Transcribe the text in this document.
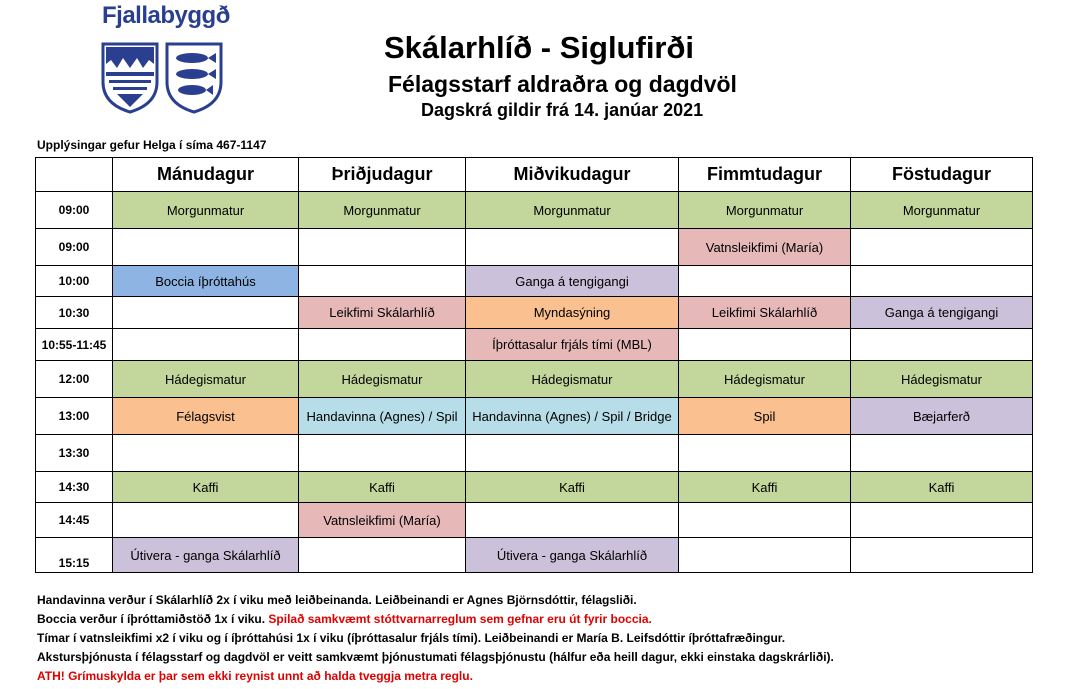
Fjallabyggð
Skálarhlíð - Siglufirði
Félagsstarf aldraðra og dagdvöl
Dagskrá gildir frá 14. janúar 2021
Upplýsingar gefur Helga í síma 467-1147
	Mánudagur	Þriðjudagur	Miðvikudagur	Fimmtudagur	Föstudagur
09:00	Morgunmatur	Morgunmatur	Morgunmatur	Morgunmatur	Morgunmatur
09:00				Vatnsleikfimi (María)	
10:00	Boccia íþróttahús		Ganga á tengigangi		
10:30		Leikfimi Skálarhlíð	Myndasýning	Leikfimi Skálarhlíð	Ganga á tengigangi
10:55-11:45			Íþróttasalur frjáls tími (MBL)		
12:00	Hádegismatur	Hádegismatur	Hádegismatur	Hádegismatur	Hádegismatur
13:00	Félagsvist	Handavinna (Agnes) / Spil	Handavinna (Agnes) / Spil / Bridge	Spil	Bæjarferð
13:30					
14:30	Kaffi	Kaffi	Kaffi	Kaffi	Kaffi
14:45		Vatnsleikfimi (María)			
15:15	Útivera - ganga Skálarhlíð		Útivera - ganga Skálarhlíð		
Handavinna verður í Skálarhlíð 2x í viku með leiðbeinanda. Leiðbeinandi er Agnes Björnsdóttir, félagsliði.
Boccia verður í íþróttamiðstöð 1x í viku. Spilað samkvæmt stóttvarnarreglum sem gefnar eru út fyrir boccia.
Tímar í vatnsleikfimi x2 í viku og í íþróttahúsi 1x í viku (íþróttasalur frjáls tími). Leiðbeinandi er María B. Leifsdóttir íþróttafræðingur.
Akstursþjónusta í félagsstarf og dagdvöl er veitt samkvæmt þjónustumati félagsþjónustu (hálfur eða heill dagur, ekki einstaka dagskrárliði).
ATH! Grímuskylda er þar sem ekki reynist unnt að halda tveggja metra reglu.
